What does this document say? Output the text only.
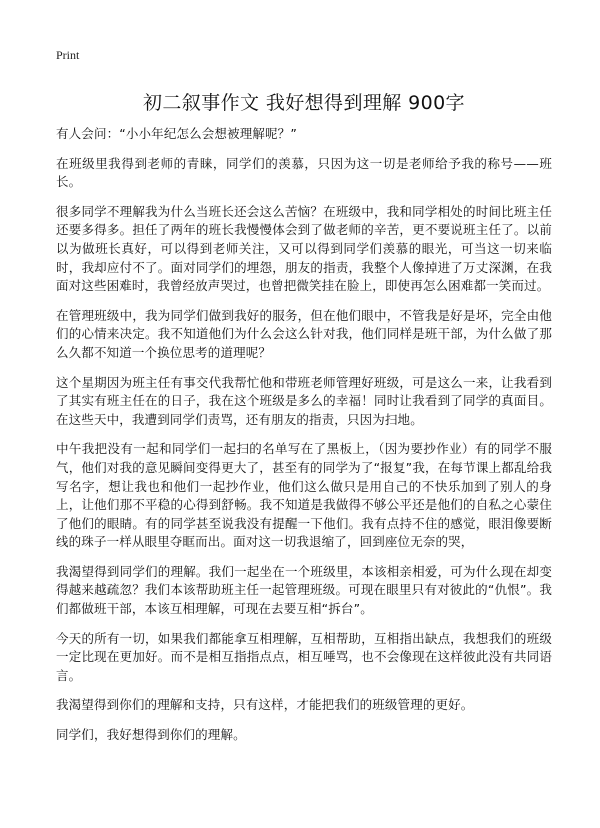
Print
初二叙事作文 我好想得到理解 900字

有人会问：“小小年纪怎么会想被理解呢？”

在班级里我得到老师的青睐，同学们的羡慕，只因为这一切是老师给予我的称号——班长。

很多同学不理解我为什么当班长还会这么苦恼？在班级中，我和同学相处的时间比班主任还要多得多。担任了两年的班长我慢慢体会到了做老师的辛苦，更不要说班主任了。以前以为做班长真好，可以得到老师关注，又可以得到同学们羡慕的眼光，可当这一切来临时，我却应付不了。面对同学们的埋怨，朋友的指责，我整个人像掉进了万丈深渊，在我面对这些困难时，我曾经放声哭过，也曾把微笑挂在脸上，即使再怎么困难都一笑而过。

在管理班级中，我为同学们做到我好的服务，但在他们眼中，不管我是好是坏，完全由他们的心情来决定。我不知道他们为什么会这么针对我，他们同样是班干部，为什么做了那么久都不知道一个换位思考的道理呢？

这个星期因为班主任有事交代我帮忙他和带班老师管理好班级，可是这么一来，让我看到了其实有班主任在的日子，我在这个班级是多么的幸福！同时让我看到了同学的真面目。在这些天中，我遭到同学们责骂，还有朋友的指责，只因为扫地。

中午我把没有一起和同学们一起扫的名单写在了黑板上，（因为要抄作业）有的同学不服气，他们对我的意见瞬间变得更大了，甚至有的同学为了“报复”我，在每节课上都乱给我写名字，想让我也和他们一起抄作业，他们这么做只是用自己的不快乐加到了别人的身上，让他们那不平稳的心得到舒畅。我不知道是我做得不够公平还是他们的自私之心蒙住了他们的眼睛。有的同学甚至说我没有提醒一下他们。我有点持不住的感觉，眼泪像要断线的珠子一样从眼里夺眶而出。面对这一切我退缩了，回到座位无奈的哭，

我渴望得到同学们的理解。我们一起坐在一个班级里，本该相亲相爱，可为什么现在却变得越来越疏忽？我们本该帮助班主任一起管理班级。可现在眼里只有对彼此的“仇恨”。我们都做班干部，本该互相理解，可现在去要互相“拆台”。

今天的所有一切，如果我们都能拿互相理解，互相帮助，互相指出缺点，我想我们的班级一定比现在更加好。而不是相互指指点点，相互唾骂，也不会像现在这样彼此没有共同语言。

我渴望得到你们的理解和支持，只有这样，才能把我们的班级管理的更好。

同学们，我好想得到你们的理解。
